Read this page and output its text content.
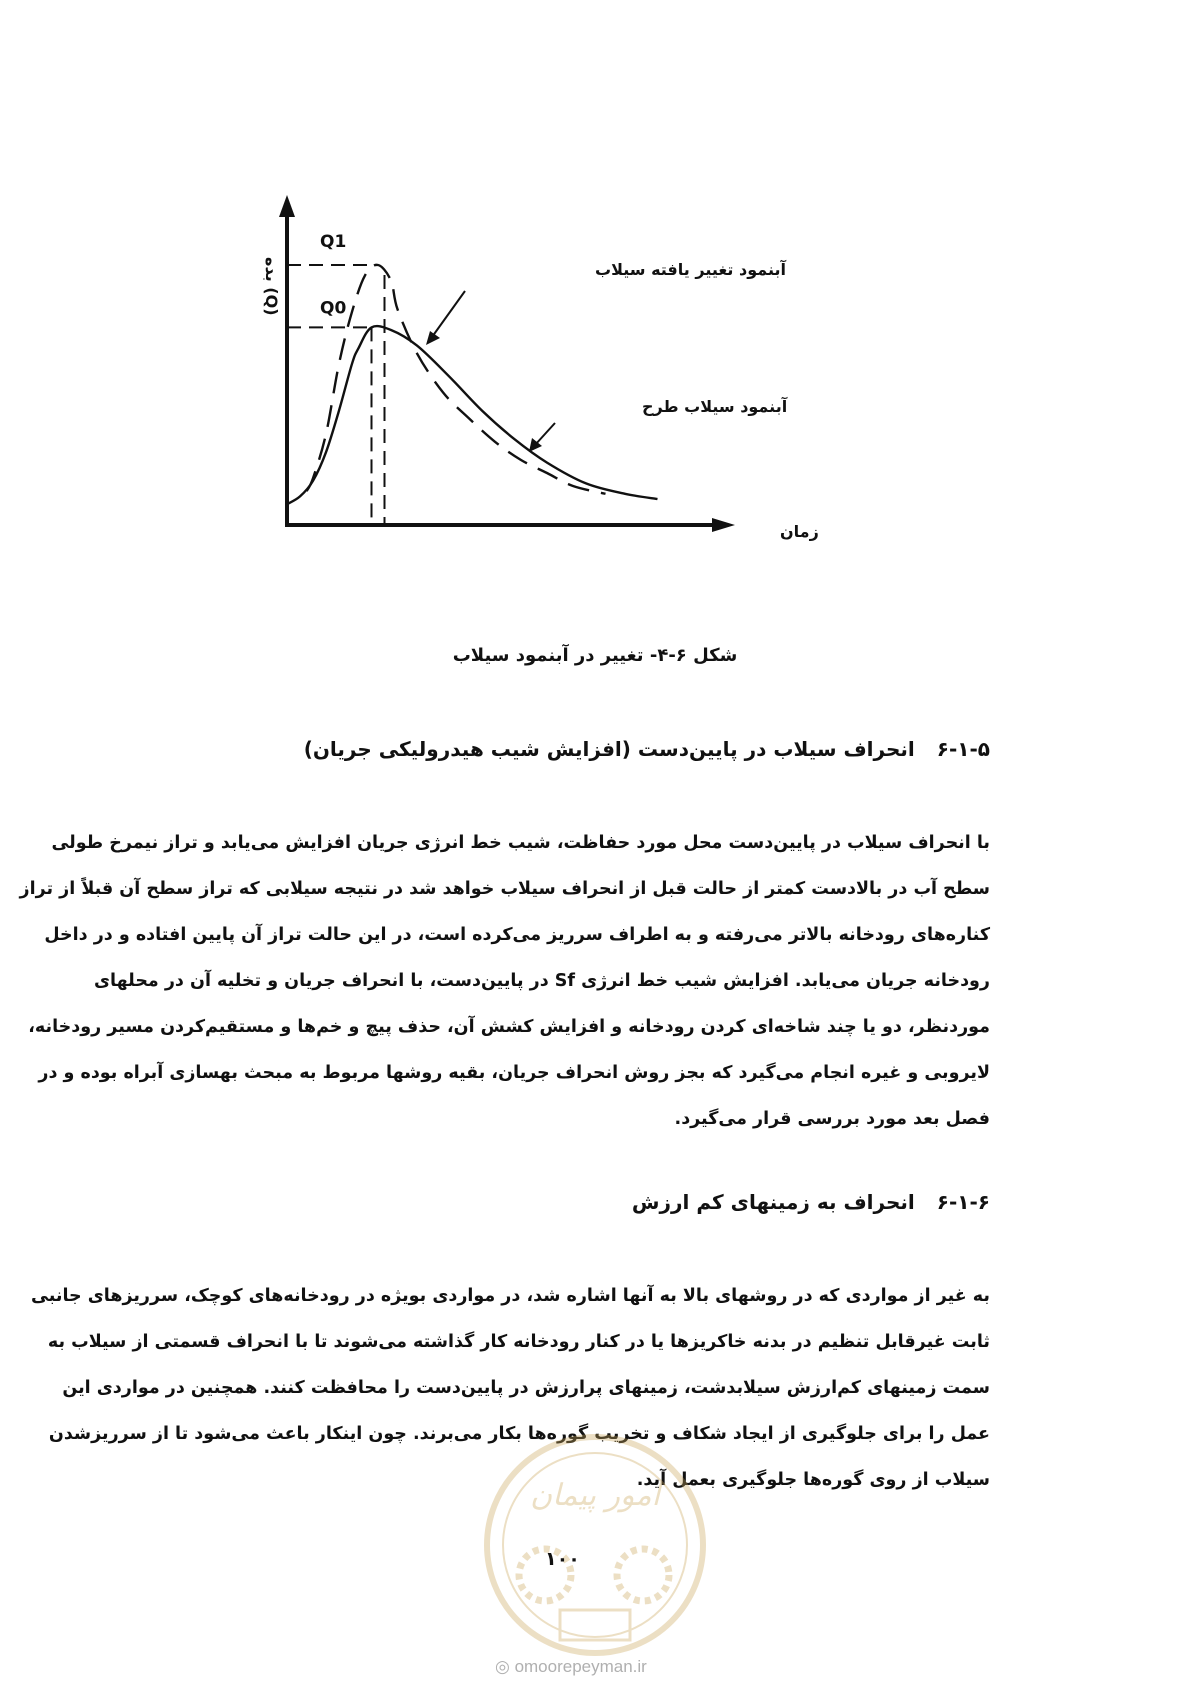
بده (Q)
Q1
Q0
آبنمود تغییر یافته سیلاب
آبنمود سیلاب طرح
زمان
شکل ۶-۴- تغییر در آبنمود سیلاب
۶-۱-۵انحراف سیلاب در پایین‌دست (افزایش شیب هیدرولیکی جریان)
با انحراف سیلاب در پایین‌دست محل مورد حفاظت، شیب خط انرژی جریان افزایش می‌یابد و تراز نیمرخ طولی
سطح آب در بالادست کمتر از حالت قبل از انحراف سیلاب خواهد شد در نتیجه سیلابی که تراز سطح آن قبلاً از تراز
کناره‌های رودخانه بالاتر می‌رفته و به اطراف سرریز می‌کرده است، در این حالت تراز آن پایین افتاده و در داخل
رودخانه جریان می‌یابد. افزایش شیب خط انرژی Sf در پایین‌دست، با انحراف جریان و تخلیه آن در محلهای
موردنظر، دو یا چند شاخه‌ای کردن رودخانه و افزایش کشش آن، حذف پیچ و خم‌ها و مستقیم‌کردن مسیر رودخانه،
لایروبی و غیره انجام می‌گیرد که بجز روش انحراف جریان، بقیه روشها مربوط به مبحث بهسازی آبراه بوده و در
فصل بعد مورد بررسی قرار می‌گیرد.
۶-۱-۶انحراف به زمینهای کم ارزش
به غیر از مواردی که در روشهای بالا به آنها اشاره شد، در مواردی بویژه در رودخانه‌های کوچک، سرریزهای جانبی
ثابت غیرقابل تنظیم در بدنه خاکریزها یا در کنار رودخانه کار گذاشته می‌شوند تا با انحراف قسمتی از سیلاب به
سمت زمینهای کم‌ارزش سیلابدشت، زمینهای پرارزش در پایین‌دست را محافظت کنند. همچنین در مواردی این
عمل را برای جلوگیری از ایجاد شکاف و تخریب گوره‌ها بکار می‌برند. چون اینکار باعث می‌شود تا از سرریزشدن
سیلاب از روی گوره‌ها جلوگیری بعمل آید.
امور پیمان
۱۰۰
◎ omoorepeyman.ir
